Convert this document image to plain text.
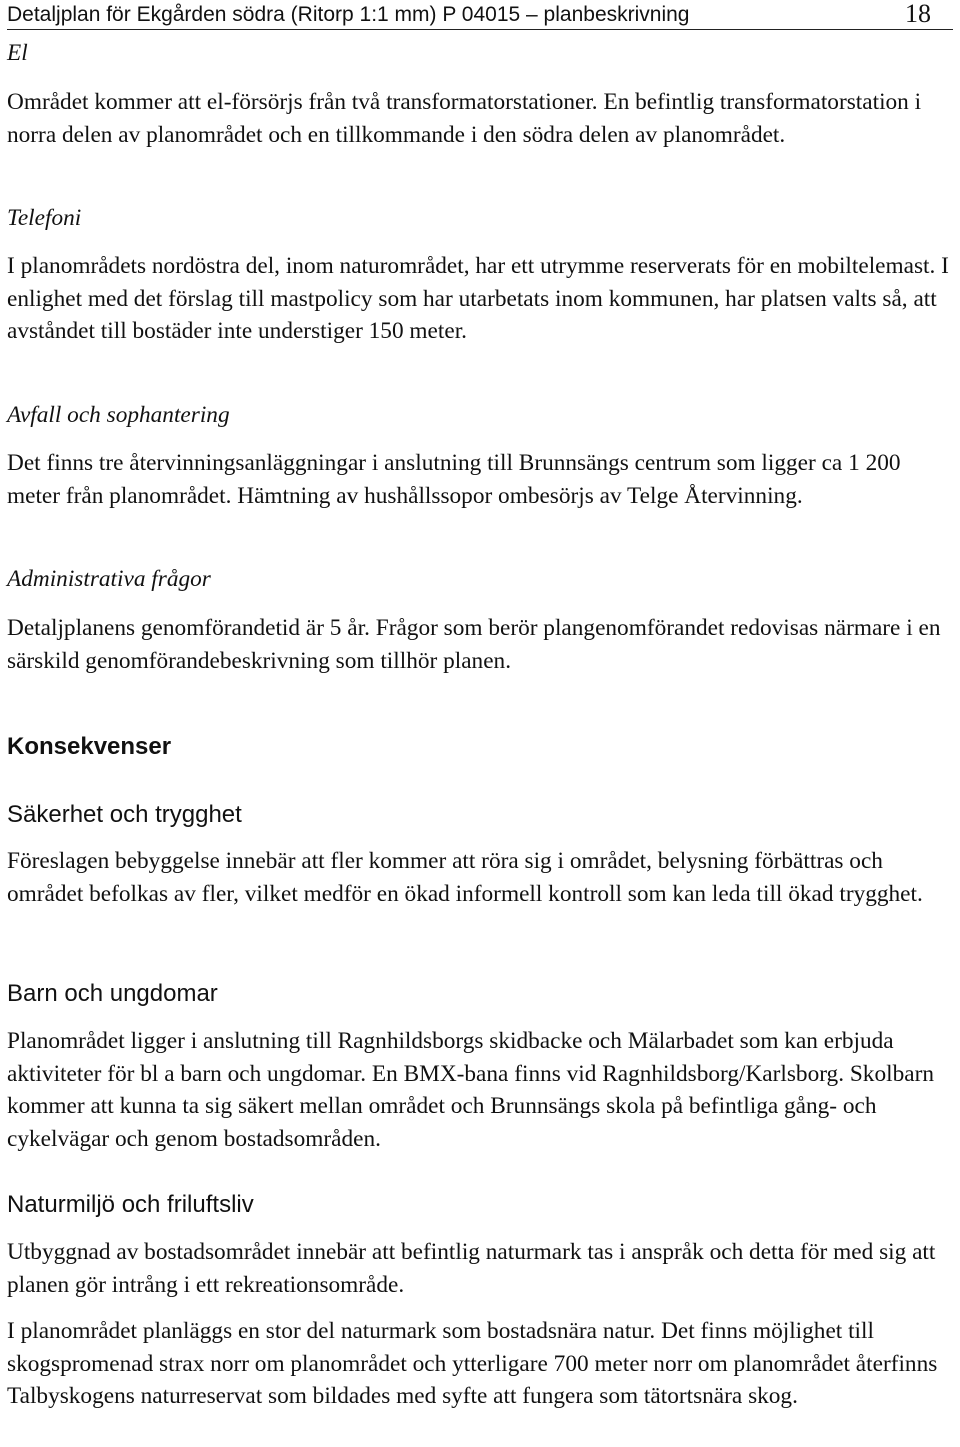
Detaljplan för Ekgården södra (Ritorp 1:1 mm) P 04015 – planbeskrivning	18

El

Området kommer att el-försörjs från två transformatorstationer. En befintlig transformatorstation i norra delen av planområdet och en tillkommande i den södra delen av planområdet.

Telefoni

I planområdets nordöstra del, inom naturområdet, har ett utrymme reserverats för en mobiltelemast. I enlighet med det förslag till mastpolicy som har utarbetats inom kommunen, har platsen valts så, att avståndet till bostäder inte understiger 150 meter.

Avfall och sophantering

Det finns tre återvinningsanläggningar i anslutning till Brunnsängs centrum som ligger ca 1 200 meter från planområdet. Hämtning av hushållssopor ombesörjs av Telge Återvinning.

Administrativa frågor

Detaljplanens genomförandetid är 5 år. Frågor som berör plangenomförandet redovisas närmare i en särskild genomförandebeskrivning som tillhör planen.

Konsekvenser

Säkerhet och trygghet

Föreslagen bebyggelse innebär att fler kommer att röra sig i området, belysning förbättras och området befolkas av fler, vilket medför en ökad informell kontroll som kan leda till ökad trygghet.

Barn och ungdomar

Planområdet ligger i anslutning till Ragnhildsborgs skidbacke och Mälarbadet som kan erbjuda aktiviteter för bl a barn och ungdomar. En BMX-bana finns vid Ragnhildsborg/Karlsborg. Skolbarn kommer att kunna ta sig säkert mellan området och Brunnsängs skola på befintliga gång- och cykelvägar och genom bostadsområden.

Naturmiljö och friluftsliv

Utbyggnad av bostadsområdet innebär att befintlig naturmark tas i anspråk och detta för med sig att planen gör intrång i ett rekreationsområde.

I planområdet planläggs en stor del naturmark som bostadsnära natur. Det finns möjlighet till skogspromenad strax norr om planområdet och ytterligare 700 meter norr om planområdet återfinns Talbyskogens naturreservat som bildades med syfte att fungera som tätortsnära skog.
